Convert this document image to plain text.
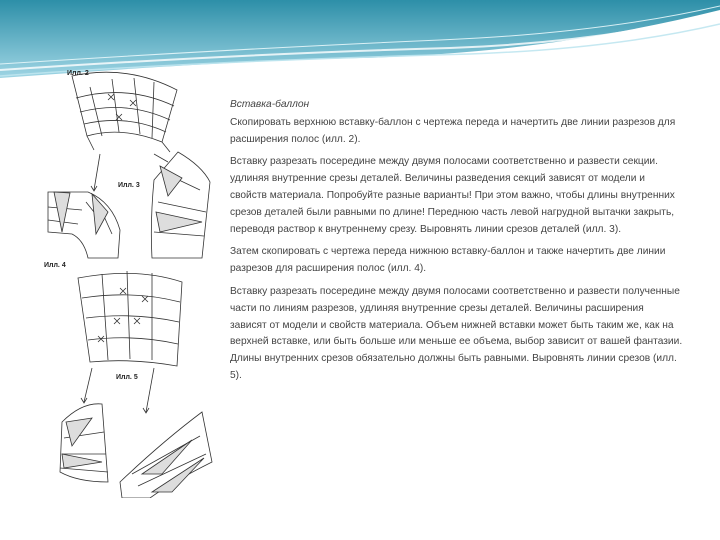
Илл. 2
Илл. 3
Илл. 4
Илл. 5
Вставка-баллон
Скопировать верхнюю вставку-баллон с чертежа переда и начертить две линии разрезов для
расширения полос (илл. 2).
Вставку разрезать посередине между двумя полосами соответственно и развести секции.
удлиняя внутренние срезы деталей. Величины разведения секций зависят от модели и
свойств материала. Попробуйте разные варианты! При этом важно, чтобы длины внутренних
срезов деталей были равными по длине! Переднюю часть левой нагрудной вытачки закрыть,
переводя раствор к внутреннему срезу. Выровнять линии срезов деталей (илл. 3).
Затем скопировать с чертежа переда нижнюю вставку-баллон и также начертить две линии
разрезов для расширения полос (илл. 4).
Вставку разрезать посередине между двумя полосами соответственно и развести полученные
части по линиям разрезов, удлиняя внутренние срезы деталей. Величины расширения
зависят от модели и свойств материала. Объем нижней вставки может быть таким же, как на
верхней вставке, или быть больше или меньше ее объема, выбор зависит от вашей фантазии.
Длины внутренних срезов обязательно должны быть равными. Выровнять линии срезов (илл.
5).
